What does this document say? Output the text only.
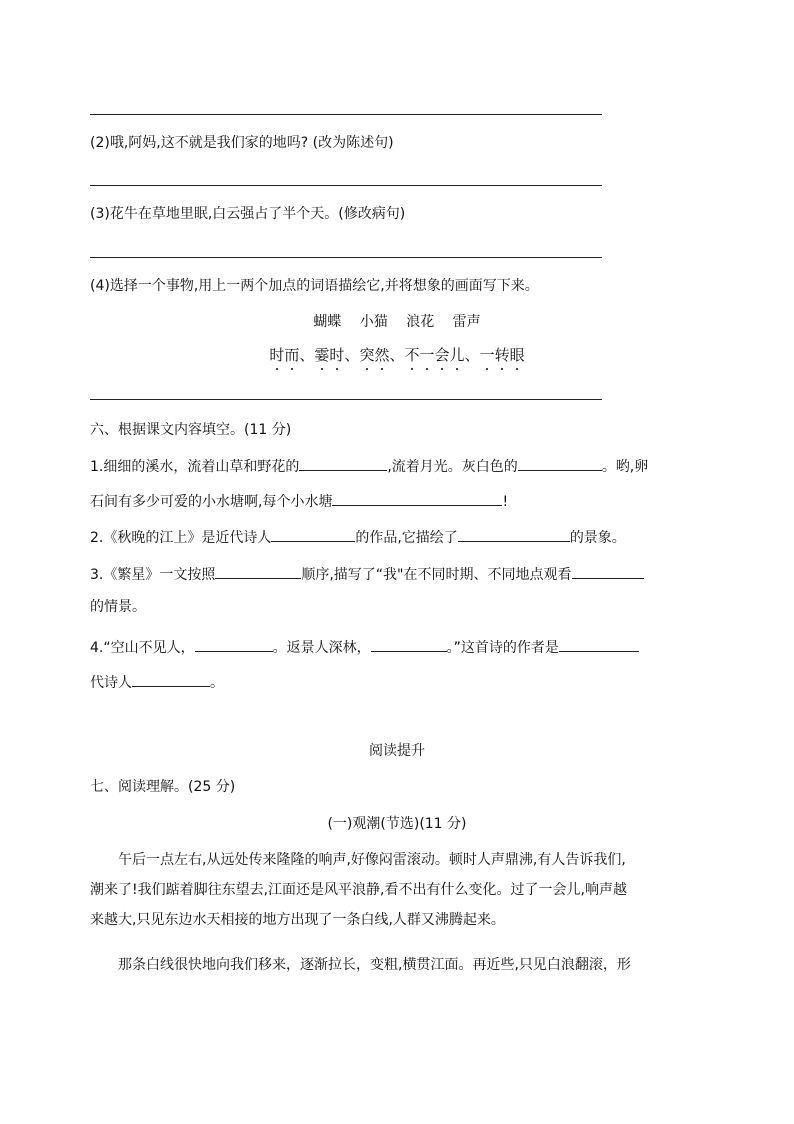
(2)哦,阿妈,这不就是我们家的地吗? (改为陈述句)
(3)花牛在草地里眠,白云强占了半个天。(修改病句)
(4)选择一个事物,用上一两个加点的词语描绘它,并将想象的画面写下来。
蝴蝶 小猫 浪花 雷声
时而、霎时、突然、不一会儿、一转眼
六、根据课文内容填空。(11 分)
1.细细的溪水，流着山草和野花的	,流着月光。灰白色的	。哟,卵
石间有多少可爱的小水塘啊,每个小水塘	!
2.《秋晚的江上》是近代诗人	的作品,它描绘了	的景象。
3.《繁星》一文按照	顺序,描写了“我"在不同时期、不同地点观看
的情景。
4.“空山不见人，	。返景人深林，	。”这首诗的作者是
代诗人	。
阅读提升
七、阅读理解。(25 分)
(一)观潮(节选)(11 分)
午后一点左右,从远处传来隆隆的响声,好像闷雷滚动。顿时人声鼎沸,有人告诉我们,
潮来了!我们踮着脚往东望去,江面还是风平浪静,看不出有什么变化。过了一会儿,响声越
来越大,只见东边水天相接的地方出现了一条白线,人群又沸腾起来。
那条白线很快地向我们移来，逐渐拉长，变粗,横贯江面。再近些,只见白浪翻滚，形
